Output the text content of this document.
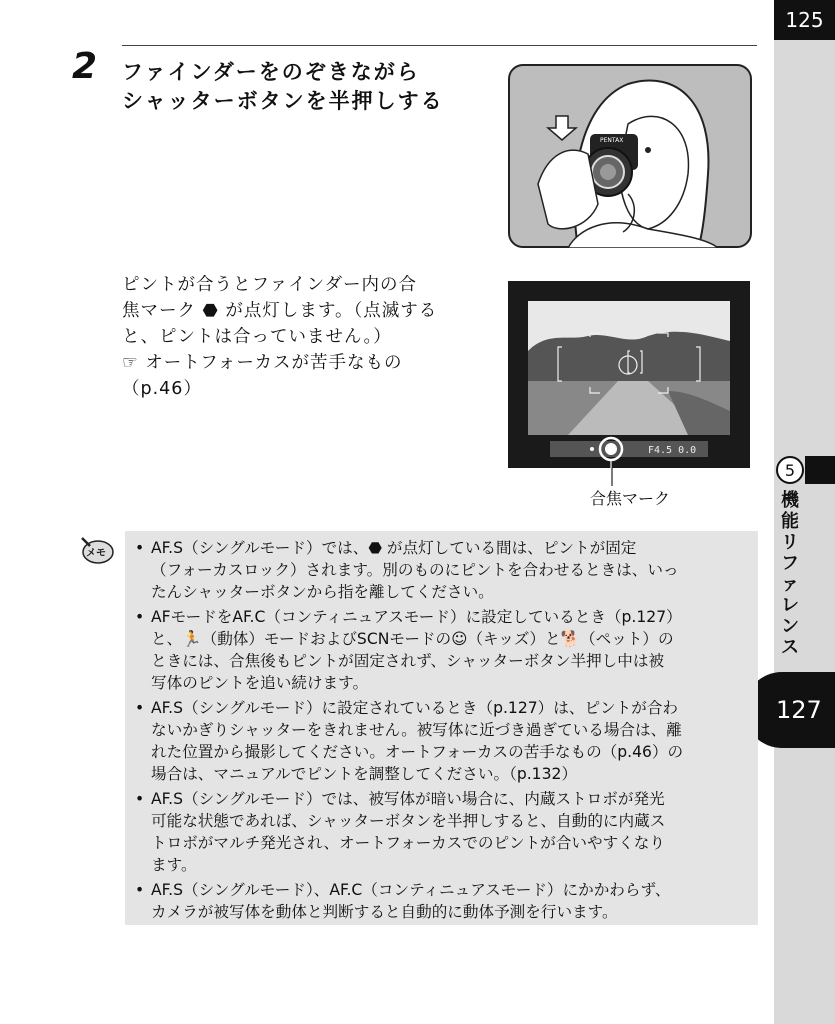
125
5
機
能
リ
フ
ァ
レ
ン
ス
127
2 ファインダーをのぞきながら
シャッターボタンを半押しする
PENTAX
ピントが合うとファインダー内の合
焦マーク ⬣ が点灯します。（点滅する
と、ピントは合っていません。）
☞ オートフォーカスが苦手なもの
（p.46）
F4.5 0.0
合焦マーク
メモ
•	AF.S（シングルモード）では、⬣ が点灯している間は、ピントが固定
（フォーカスロック）されます。別のものにピントを合わせるときは、いっ
たんシャッターボタンから指を離してください。
• AFモードをAF.C（コンティニュアスモード）に設定しているとき（p.127）
と、🏃（動体）モードおよびSCNモードの☺（キッズ）と🐕（ペット）の
ときには、合焦後もピントが固定されず、シャッターボタン半押し中は被
写体のピントを追い続けます。
• AF.S（シングルモード）に設定されているとき（p.127）は、ピントが合わ
ないかぎりシャッターをきれません。被写体に近づき過ぎている場合は、離
れた位置から撮影してください。オートフォーカスの苦手なもの（p.46）の
場合は、マニュアルでピントを調整してください。（p.132）
• AF.S（シングルモード）では、被写体が暗い場合に、内蔵ストロボが発光
可能な状態であれば、シャッターボタンを半押しすると、自動的に内蔵ス
トロボがマルチ発光され、オートフォーカスでのピントが合いやすくなり
ます。
• AF.S（シングルモード）、AF.C（コンティニュアスモード）にかかわらず、
カメラが被写体を動体と判断すると自動的に動体予測を行います。
